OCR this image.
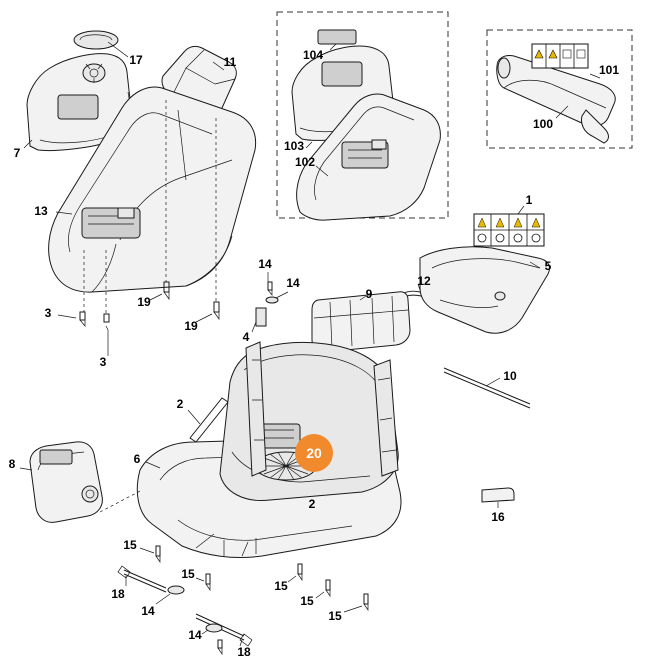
17	11	104
101
100
7	103
102
1
13
5
14
14	12
9
3
19
19
4
3
10
2
8	6
2
16
15
15
15
15
15
18
14
14
18
20
